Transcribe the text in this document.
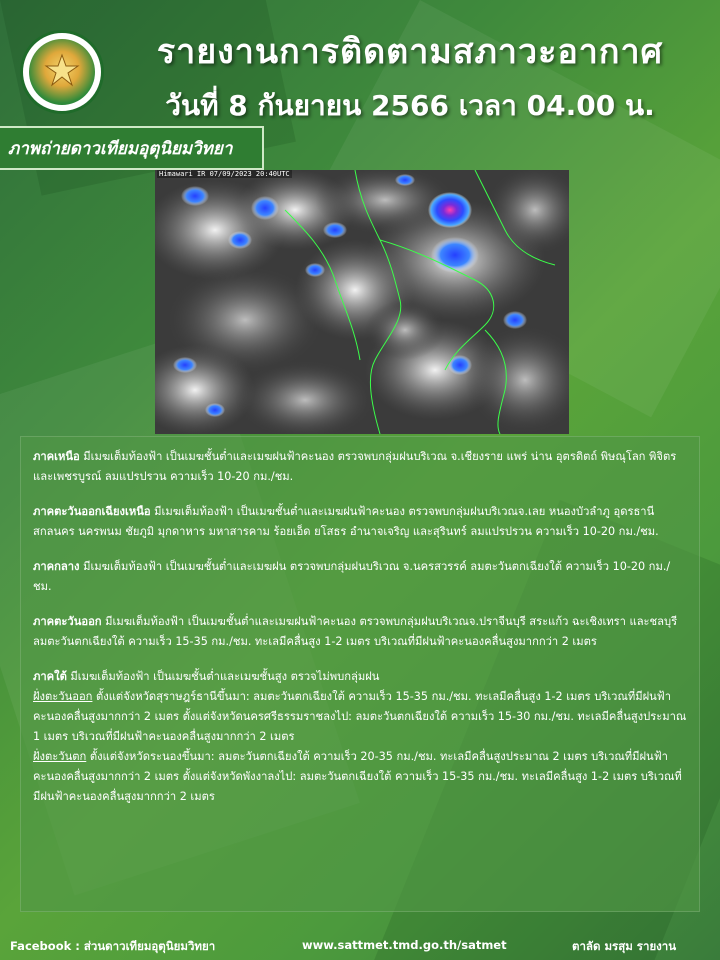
รายงานการติดตามสภาวะอากาศ
วันที่ 8 กันยายน 2566 เวลา 04.00 น.
ภาพถ่ายดาวเทียมอุตุนิยมวิทยา
Himawari IR 07/09/2023 20:40UTC

ภาคเหนือ มีเมฆเต็มท้องฟ้า เป็นเมฆชั้นต่ำและเมฆฝนฟ้าคะนอง ตรวจพบกลุ่มฝนบริเวณ จ.เชียงราย แพร่ น่าน อุตรดิตถ์ พิษณุโลก พิจิตร และเพชรบูรณ์ ลมแปรปรวน ความเร็ว 10-20 กม./ชม.

ภาคตะวันออกเฉียงเหนือ มีเมฆเต็มท้องฟ้า เป็นเมฆชั้นต่ำและเมฆฝนฟ้าคะนอง ตรวจพบกลุ่มฝนบริเวณจ.เลย หนองบัวลำภู อุดรธานี สกลนคร นครพนม ชัยภูมิ มุกดาหาร มหาสารคาม ร้อยเอ็ด ยโสธร อำนาจเจริญ และสุรินทร์ ลมแปรปรวน ความเร็ว 10-20 กม./ชม.

ภาคกลาง มีเมฆเต็มท้องฟ้า เป็นเมฆชั้นต่ำและเมฆฝน ตรวจพบกลุ่มฝนบริเวณ จ.นครสวรรค์ ลมตะวันตกเฉียงใต้ ความเร็ว 10-20 กม./ชม.

ภาคตะวันออก มีเมฆเต็มท้องฟ้า เป็นเมฆชั้นต่ำและเมฆฝนฟ้าคะนอง ตรวจพบกลุ่มฝนบริเวณจ.ปราจีนบุรี สระแก้ว ฉะเชิงเทรา และชลบุรี ลมตะวันตกเฉียงใต้ ความเร็ว 15-35 กม./ชม. ทะเลมีคลื่นสูง 1-2 เมตร บริเวณที่มีฝนฟ้าคะนองคลื่นสูงมากกว่า 2 เมตร

ภาคใต้ มีเมฆเต็มท้องฟ้า เป็นเมฆชั้นต่ำและเมฆชั้นสูง ตรวจไม่พบกลุ่มฝน
ฝั่งตะวันออก ตั้งแต่จังหวัดสุราษฎร์ธานีขึ้นมา: ลมตะวันตกเฉียงใต้ ความเร็ว 15-35 กม./ชม. ทะเลมีคลื่นสูง 1-2 เมตร บริเวณที่มีฝนฟ้าคะนองคลื่นสูงมากกว่า 2 เมตร ตั้งแต่จังหวัดนครศรีธรรมราชลงไป: ลมตะวันตกเฉียงใต้ ความเร็ว 15-30 กม./ชม. ทะเลมีคลื่นสูงประมาณ 1 เมตร บริเวณที่มีฝนฟ้าคะนองคลื่นสูงมากกว่า 2 เมตร
ฝั่งตะวันตก ตั้งแต่จังหวัดระนองขึ้นมา: ลมตะวันตกเฉียงใต้ ความเร็ว 20-35 กม./ชม. ทะเลมีคลื่นสูงประมาณ 2 เมตร บริเวณที่มีฝนฟ้าคะนองคลื่นสูงมากกว่า 2 เมตร ตั้งแต่จังหวัดพังงาลงไป: ลมตะวันตกเฉียงใต้ ความเร็ว 15-35 กม./ชม. ทะเลมีคลื่นสูง 1-2 เมตร บริเวณที่มีฝนฟ้าคะนองคลื่นสูงมากกว่า 2 เมตร

Facebook : ส่วนดาวเทียมอุตุนิยมวิทยา	www.sattmet.tmd.go.th/satmet	ตาลัด มรสุม รายงาน
